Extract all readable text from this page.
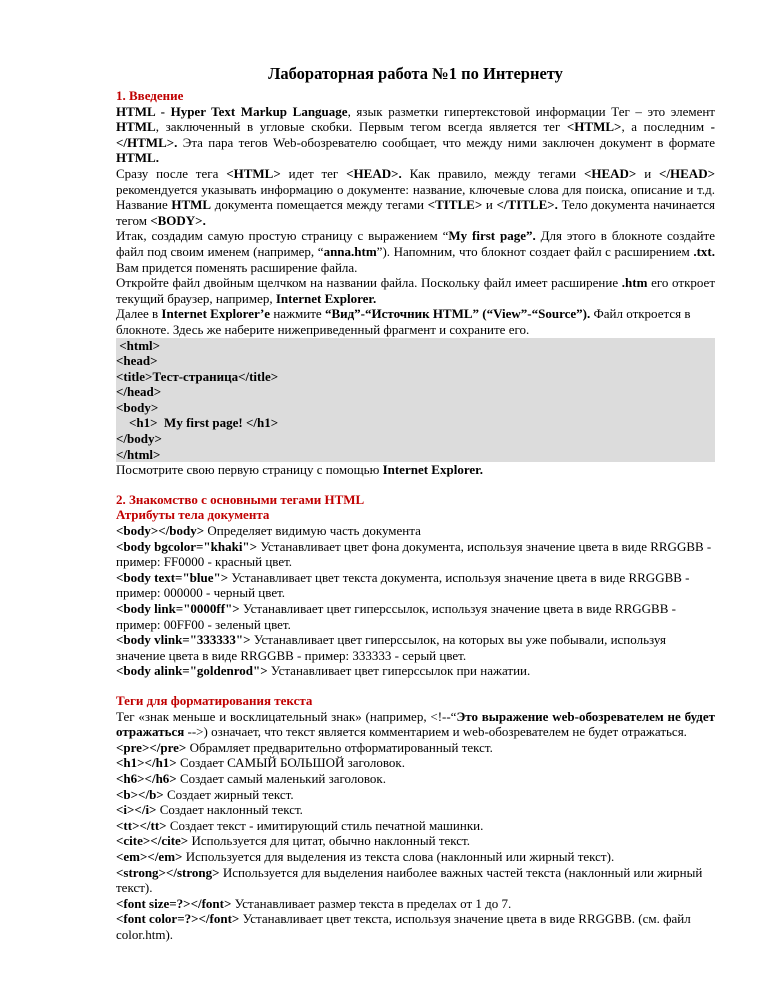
Лабораторная работа №1 по Интернету
1. Введение

HTML - Hyper Text Markup Language, язык разметки гипертекстовой информации Тег – это элемент HTML, заключенный в угловые скобки. Первым тегом всегда является тег <HTML>, а последним - </HTML>. Эта пара тегов Web-обозревателю сообщает, что между ними заключен документ в формате HTML.

Сразу после тега <HTML> идет тег <HEAD>. Как правило, между тегами <HEAD> и </HEAD> рекомендуется указывать информацию о документе: название, ключевые слова для поиска, описание и т.д. Название HTML документа помещается между тегами <TITLE> и </TITLE>. Тело документа начинается тегом <BODY>.

Итак, создадим самую простую страницу с выражением “My first page”. Для этого в блокноте создайте файл под своим именем (например, “anna.htm”). Напомним, что блокнот создает файл с расширением .txt. Вам придется поменять расширение файла.

Откройте файл двойным щелчком на названии файла. Поскольку файл имеет расширение .htm его откроет текущий браузер, например, Internet Explorer.

Далее в Internet Explorer’e нажмите “Вид”-“Источник HTML” (“View”-“Source”). Файл откроется в блокноте. Здесь же наберите нижеприведенный фрагмент и сохраните его.

<html>
<head>
<title>Тест-страница</title>
</head>
<body>
<h1>  My first page! </h1>
</body>
</html>

Посмотрите свою первую страницу с помощью Internet Explorer.

2. Знакомство с основными тегами HTML
Атрибуты тела документа

<body></body> Определяет видимую часть документа

<body bgcolor="khaki"> Устанавливает цвет фона документа, используя значение цвета в виде RRGGBB - пример: FF0000 - красный цвет.

<body text="blue"> Устанавливает цвет текста документа, используя значение цвета в виде RRGGBB - пример: 000000 - черный цвет.

<body link="0000ff"> Устанавливает цвет гиперссылок, используя значение цвета в виде RRGGBB - пример: 00FF00 - зеленый цвет.

<body vlink="333333"> Устанавливает цвет гиперссылок, на которых вы уже побывали, используя значение цвета в виде RRGGBB - пример: 333333 - серый цвет.

<body alink="goldenrod"> Устанавливает цвет гиперссылок при нажатии.

Теги для форматирования текста

Тег «знак меньше и восклицательный знак» (например, <!--“Это выражение web-обозревателем не будет отражаться -->) означает, что текст является комментарием и web-обозревателем не будет отражаться.

<pre></pre> Обрамляет предварительно отформатированный текст.

<h1></h1> Создает САМЫЙ БОЛЬШОЙ заголовок.

<h6></h6> Создает самый маленький заголовок.

<b></b> Создает жирный текст.

<i></i> Создает наклонный текст.

<tt></tt> Создает текст - имитирующий стиль печатной машинки.

<cite></cite> Используется для цитат, обычно наклонный текст.

<em></em> Используется для выделения из текста слова (наклонный или жирный текст).

<strong></strong> Используется для выделения наиболее важных частей текста (наклонный или жирный текст).

<font size=?></font> Устанавливает размер текста в пределах от 1 до 7.

<font color=?></font> Устанавливает цвет текста, используя значение цвета в виде RRGGBB. (см. файл color.htm).
